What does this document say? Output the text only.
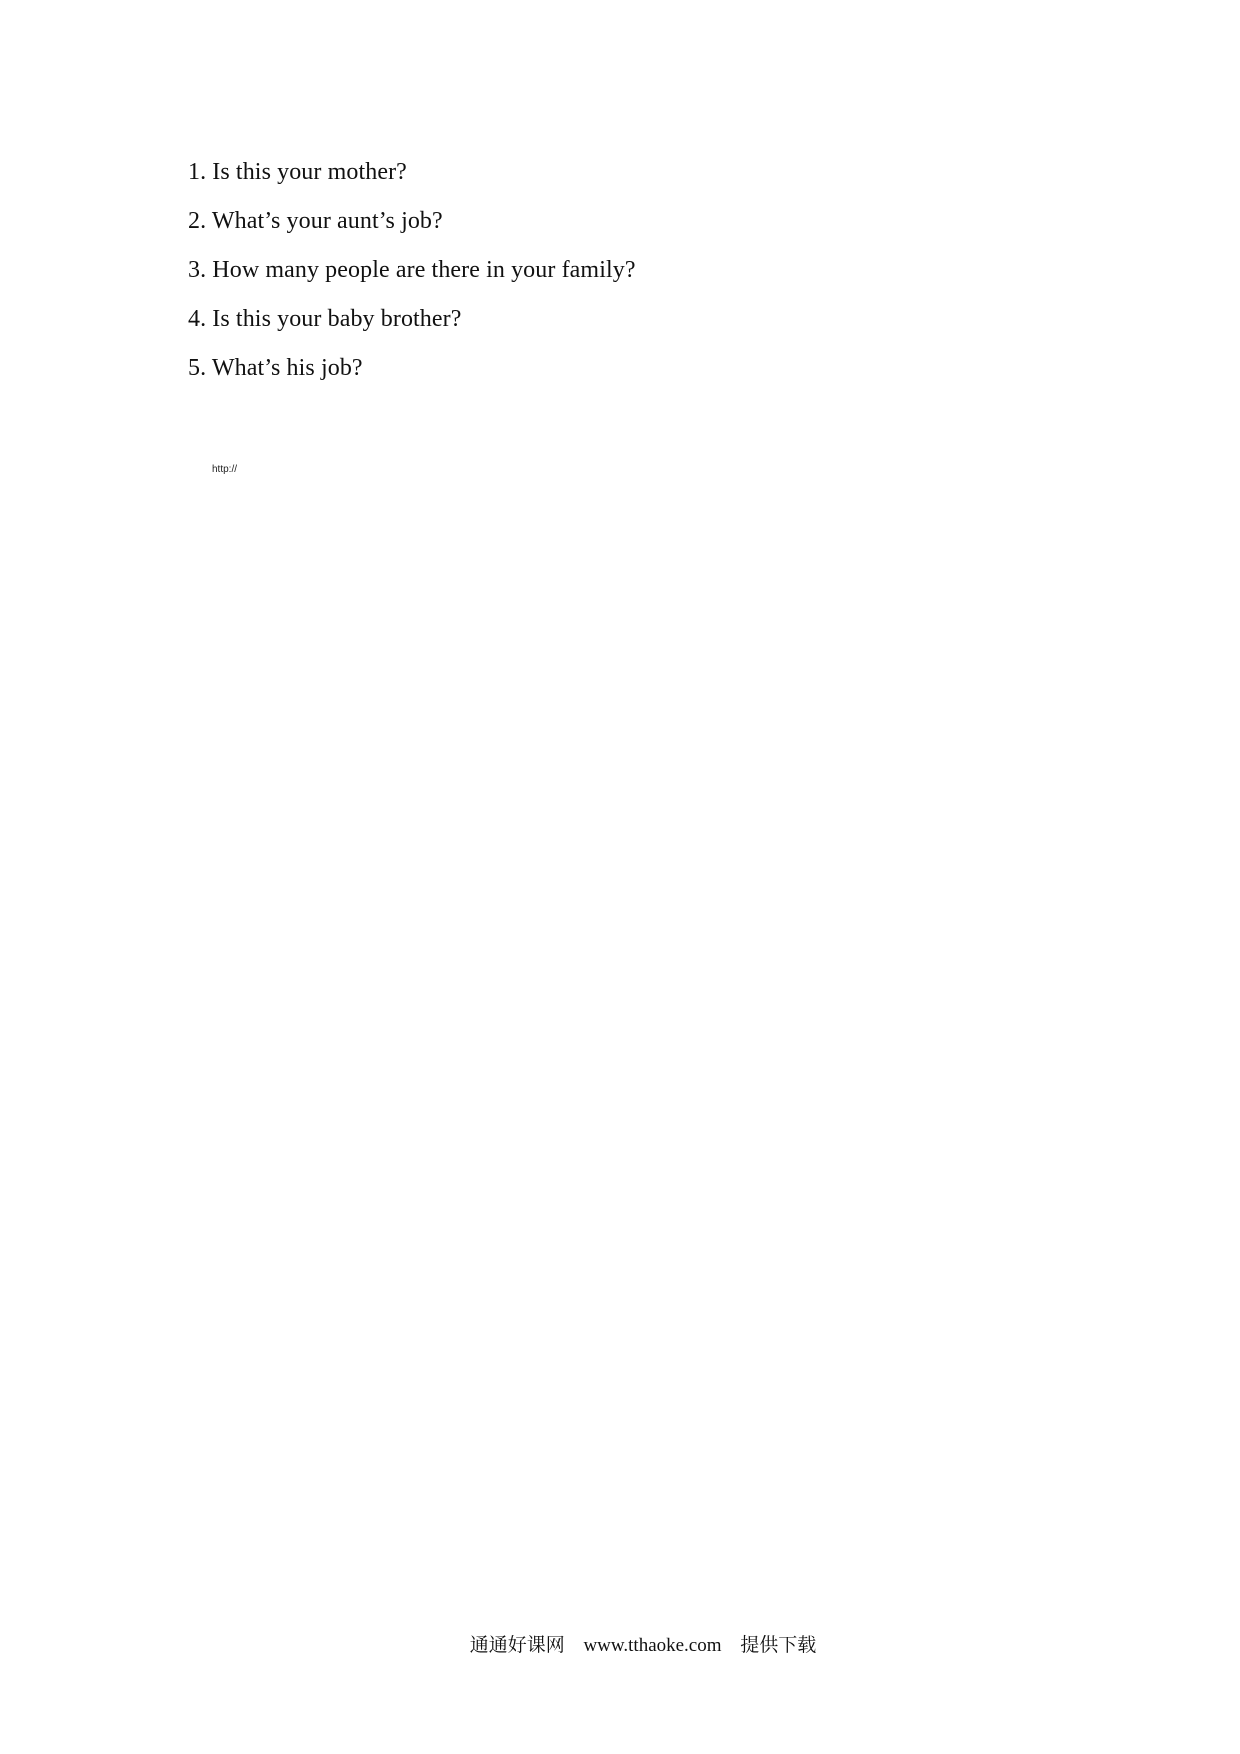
1. Is this your mother?
2. What’s your aunt’s job?
3. How many people are there in your family?
4. Is this your baby brother?
5. What’s his job?
http://
通通好课网 www.tthaoke.com 提供下载
